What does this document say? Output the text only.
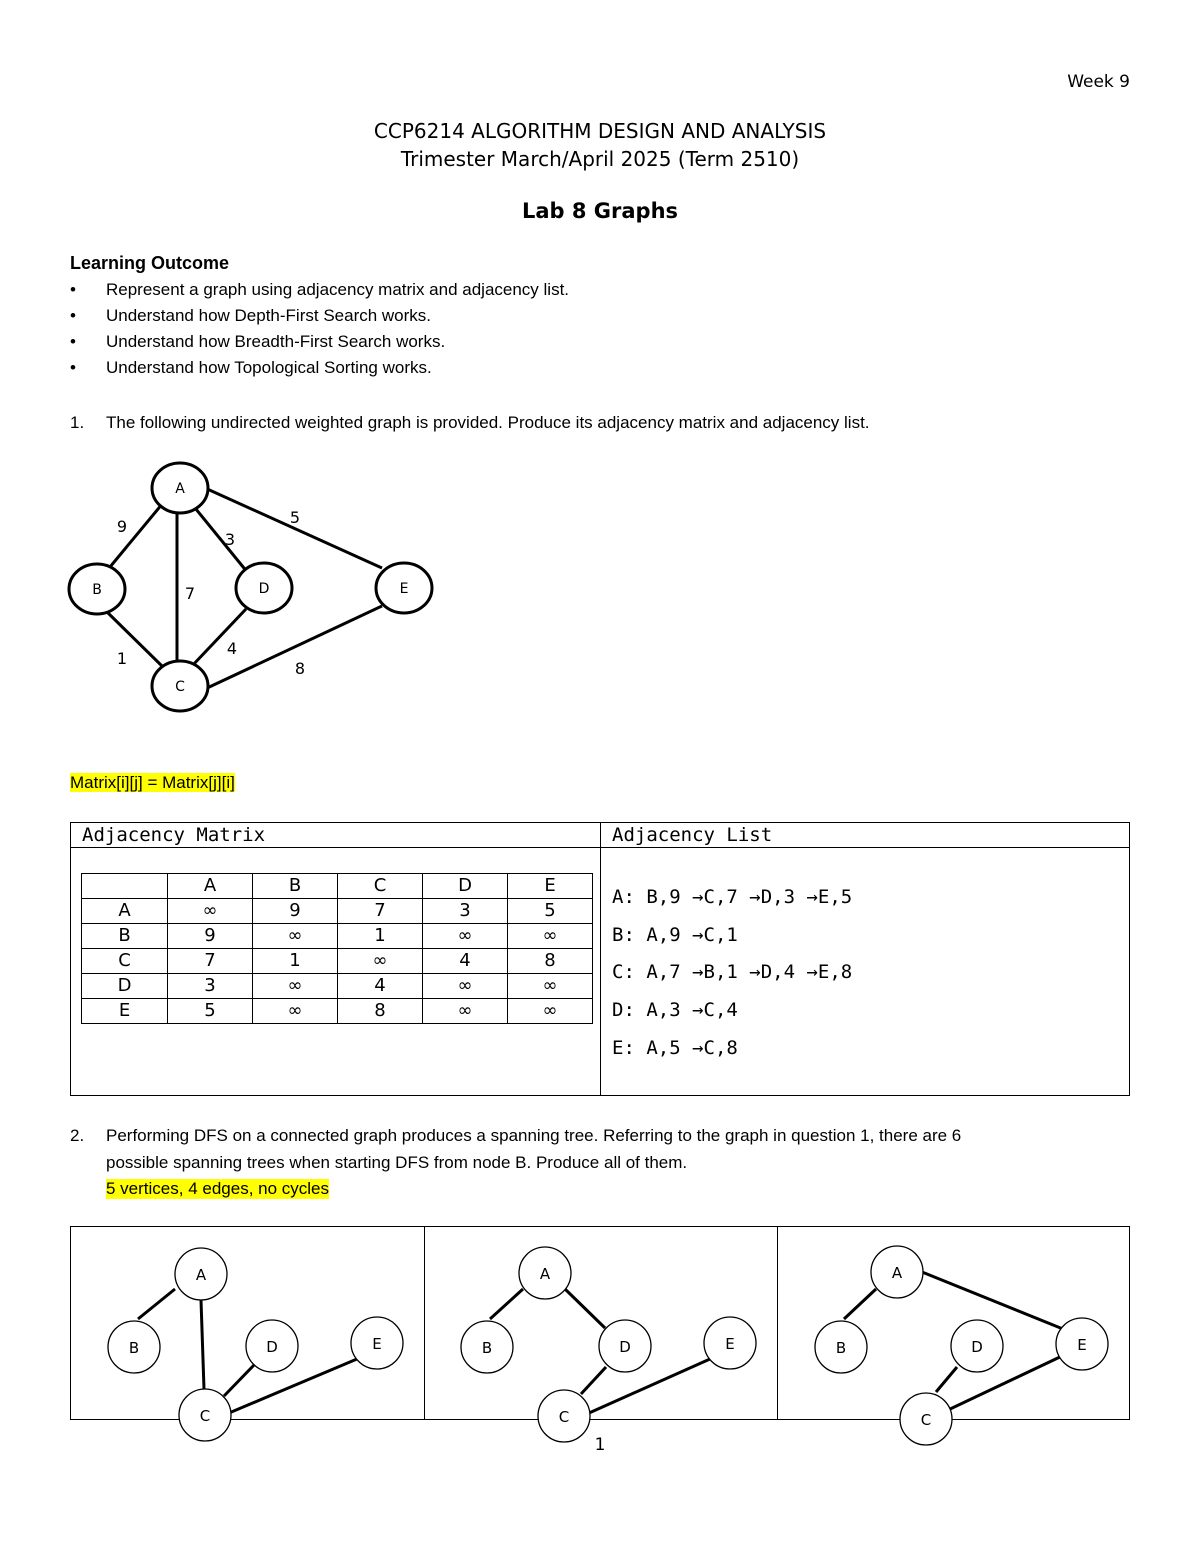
Week 9
CCP6214 ALGORITHM DESIGN AND ANALYSIS
Trimester March/April 2025 (Term 2510)
Lab 8 Graphs
Learning Outcome
• Represent a graph using adjacency matrix and adjacency list.
• Understand how Depth-First Search works.
• Understand how Breadth-First Search works.
• Understand how Topological Sorting works.
1. The following undirected weighted graph is provided. Produce its adjacency matrix and adjacency list.
A
B
C
D	E
9
7
3
5
1
4
8
Matrix[i][j] = Matrix[j][i]
Adjacency Matrix	Adjacency List
	A	B	C	D	E
A	∞	9	7	3	5
B	9	∞	1	∞	∞
C	7	1	∞	4	8
D	3	∞	4	∞	∞
E	5	∞	8	∞	∞
A: B,9 →C,7 →D,3 →E,5
B: A,9 →C,1
C: A,7 →B,1 →D,4 →E,8
D: A,3 →C,4
E: A,5 →C,8
2. Performing DFS on a connected graph produces a spanning tree. Referring to the graph in question 1, there are 6
possible spanning trees when starting DFS from node B. Produce all of them.
5 vertices, 4 edges, no cycles
A
B	D	E
C
A
B	D	E
C
A
B	D	E
C
1
